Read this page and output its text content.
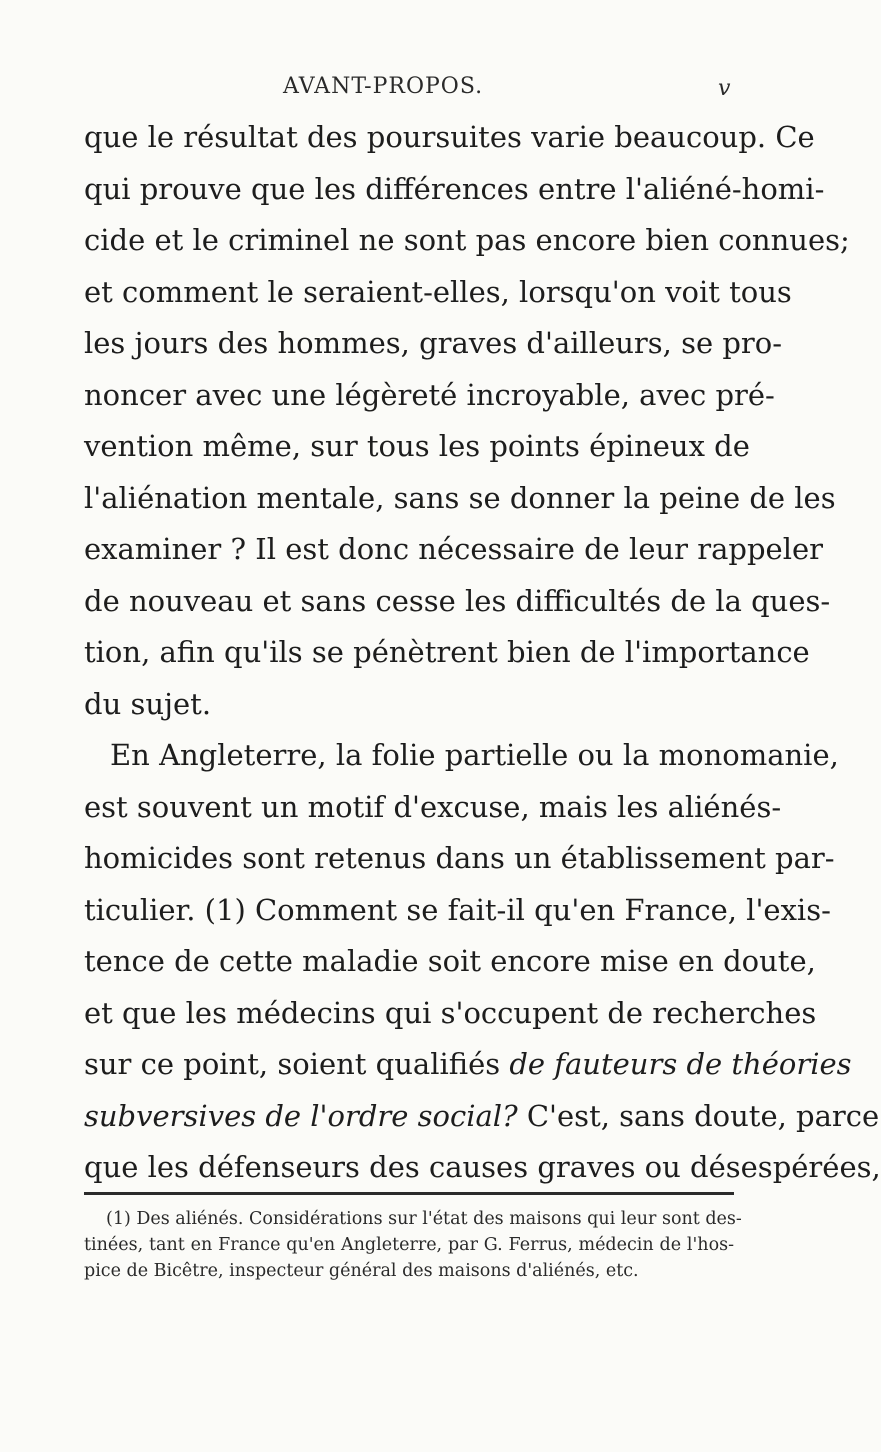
AVANT-PROPOS.	v
que le résultat des poursuites varie beaucoup. Ce
qui prouve que les différences entre l'aliéné-homi-
cide et le criminel ne sont pas encore bien connues;
et comment le seraient-elles, lorsqu'on voit tous
les jours des hommes, graves d'ailleurs, se pro-
noncer avec une légèreté incroyable, avec pré-
vention même, sur tous les points épineux de
l'aliénation mentale, sans se donner la peine de les
examiner ? Il est donc nécessaire de leur rappeler
de nouveau et sans cesse les difficultés de la ques-
tion, afin qu'ils se pénètrent bien de l'importance
du sujet.
En Angleterre, la folie partielle ou la monomanie,
est souvent un motif d'excuse, mais les aliénés-
homicides sont retenus dans un établissement par-
ticulier. (1) Comment se fait-il qu'en France, l'exis-
tence de cette maladie soit encore mise en doute,
et que les médecins qui s'occupent de recherches
sur ce point, soient qualifiés de fauteurs de théories
subversives de l'ordre social? C'est, sans doute, parce
que les défenseurs des causes graves ou désespérées,
(1) Des aliénés. Considérations sur l'état des maisons qui leur sont des-
tinées, tant en France qu'en Angleterre, par G. Ferrus, médecin de l'hos-
pice de Bicêtre, inspecteur général des maisons d'aliénés, etc.
